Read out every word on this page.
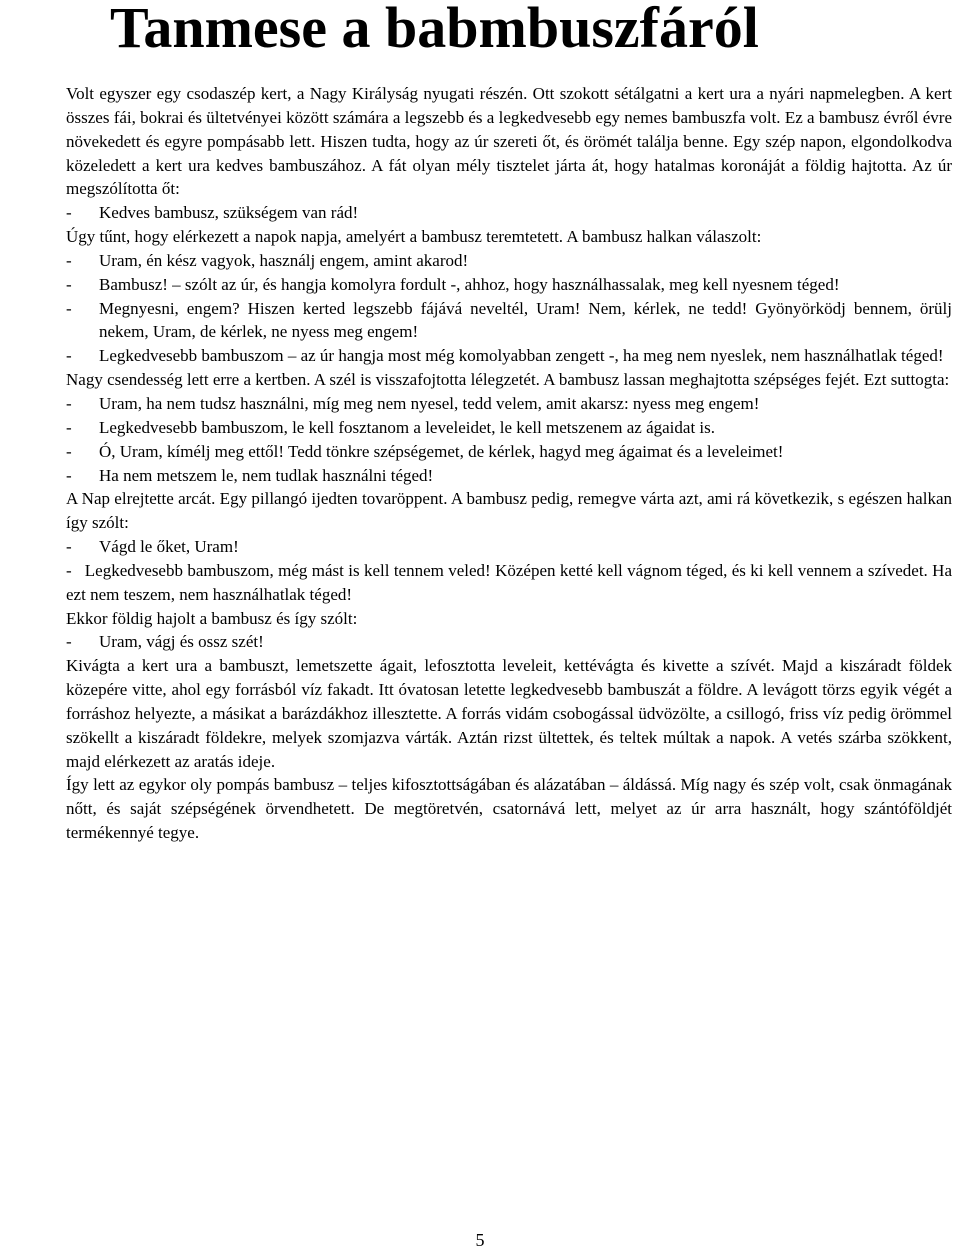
Tanmese a babmbuszfáról

Volt egyszer egy csodaszép kert, a Nagy Királyság nyugati részén. Ott szokott sétálgatni a kert ura a nyári napmelegben. A kert összes fái, bokrai és ültetvényei között számára a legszebb és a legkedvesebb egy nemes bambuszfa volt. Ez a bambusz évről évre növekedett és egyre pompásabb lett. Hiszen tudta, hogy az úr szereti őt, és örömét találja benne. Egy szép napon, elgondolkodva közeledett a kert ura kedves bambuszához. A fát olyan mély tisztelet járta át, hogy hatalmas koronáját a földig hajtotta. Az úr megszólította őt:

- Kedves bambusz, szükségem van rád!

Úgy tűnt, hogy elérkezett a napok napja, amelyért a bambusz teremtetett. A bambusz halkan válaszolt:

- Uram, én kész vagyok, használj engem, amint akarod!

- Bambusz! – szólt az úr, és hangja komolyra fordult -, ahhoz, hogy használhassalak, meg kell nyesnem téged!

- Megnyesni, engem? Hiszen kerted legszebb fájává neveltél, Uram! Nem, kérlek, ne tedd! Gyönyörködj bennem, örülj nekem, Uram, de kérlek, ne nyess meg engem!

- Legkedvesebb bambuszom – az úr hangja most még komolyabban zengett -, ha meg nem nyeslek, nem használhatlak téged!

Nagy csendesség lett erre a kertben. A szél is visszafojtotta lélegzetét. A bambusz lassan meghajtotta szépséges fejét. Ezt suttogta:

- Uram, ha nem tudsz használni, míg meg nem nyesel, tedd velem, amit akarsz: nyess meg engem!

- Legkedvesebb bambuszom, le kell fosztanom a leveleidet, le kell metszenem az ágaidat is.

- Ó, Uram, kímélj meg ettől! Tedd tönkre szépségemet, de kérlek, hagyd meg ágaimat és a leveleimet!

- Ha nem metszem le, nem tudlak használni téged!

A Nap elrejtette arcát. Egy pillangó ijedten tovaröppent. A bambusz pedig, remegve várta azt, ami rá következik, s egészen halkan így szólt:

- Vágd le őket, Uram!

- Legkedvesebb bambuszom, még mást is kell tennem veled! Középen ketté kell vágnom téged, és ki kell vennem a szívedet. Ha ezt nem teszem, nem használhatlak téged!

Ekkor földig hajolt a bambusz és így szólt:

- Uram, vágj és ossz szét!

Kivágta a kert ura a bambuszt, lemetszette ágait, lefosztotta leveleit, kettévágta és kivette a szívét. Majd a kiszáradt földek közepére vitte, ahol egy forrásból víz fakadt. Itt óvatosan letette legkedvesebb bambuszát a földre. A levágott törzs egyik végét a forráshoz helyezte, a másikat a barázdákhoz illesztette. A forrás vidám csobogással üdvözölte, a csillogó, friss víz pedig örömmel szökellt a kiszáradt földekre, melyek szomjazva várták. Aztán rizst ültettek, és teltek múltak a napok. A vetés szárba szökkent, majd elérkezett az aratás ideje.

Így lett az egykor oly pompás bambusz – teljes kifosztottságában és alázatában – áldássá. Míg nagy és szép volt, csak önmagának nőtt, és saját szépségének örvendhetett. De megtöretvén, csatornává lett, melyet az úr arra használt, hogy szántóföldjét termékennyé tegye.

5
